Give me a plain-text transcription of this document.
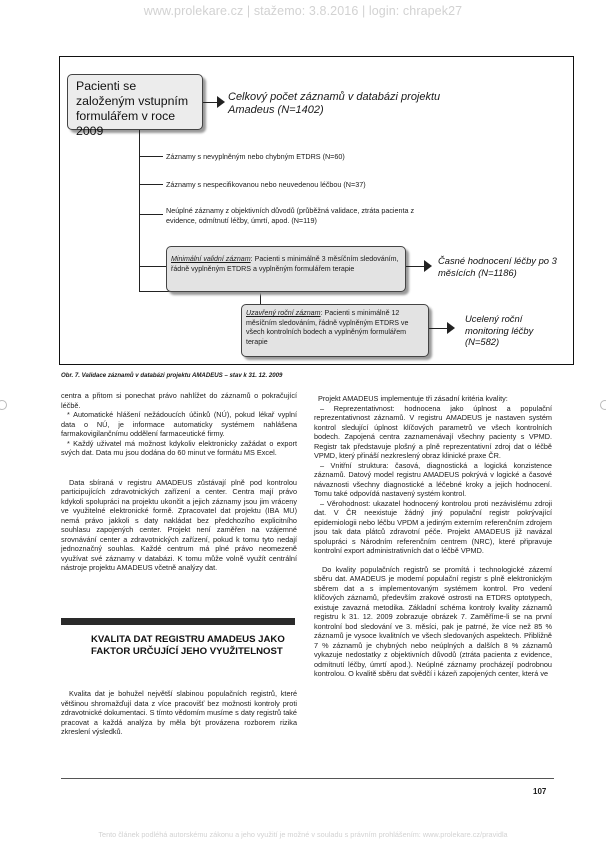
www.prolekare.cz | stažemo: 3.8.2016 | login: chrapek27
Pacienti se založeným vstupním formulářem v roce 2009
Celkový počet záznamů v databázi projektu Amadeus (N=1402)
Záznamy s nevyplněným nebo chybným ETDRS (N=60)
Záznamy s nespecifikovanou nebo neuvedenou léčbou (N=37)
Neúplné záznamy z objektivních důvodů (průběžná validace, ztráta pacienta z evidence, odmítnutí léčby, úmrtí, apod. (N=119)
Minimální validní záznam: Pacienti s minimálně 3 měsíčním sledováním, řádně vyplněným ETDRS a vyplněným formulářem terapie
Časné hodnocení léčby po 3 měsících (N=1186)
Uzavřený roční záznam: Pacienti s minimálně 12 měsíčním sledováním, řádně vyplněným ETDRS ve všech kontrolních bodech a vyplněným formulářem terapie
Ucelený roční monitoring léčby (N=582)
Obr. 7. Validace záznamů v databázi projektu AMADEUS – stav k 31. 12. 2009

centra a přitom si ponechat právo nahlížet do záznamů o pokračující léčbě.

* Automatické hlášení nežádoucích účinků (NÚ), pokud lékař vyplní data o NÚ, je informace automaticky systémem nahlášena farmakovigilančnímu oddělení farmaceutické firmy.

* Každý uživatel má možnost kdykoliv elektronicky zažádat o export svých dat. Data mu jsou dodána do 60 minut ve formátu MS Excel.

Data sbíraná v registru AMADEUS zůstávají plně pod kontrolou participujících zdravotnických zařízení a center. Centra mají právo kdykoli spolupráci na projektu ukončit a jejich záznamy jsou jim vráceny ve využitelné elektronické formě. Zpracovatel dat projektu (IBA MU) nemá právo jakkoli s daty nakládat bez předchozího explicitního souhlasu zapojených center. Projekt není zaměřen na vzájemné srovnávání center a zdravotnických zařízení, pokud k tomu tyto nedají jednoznačný souhlas. Každé centrum má plné právo neomezeně využívat své záznamy v databázi. K tomu může volně využít centrální nástroje projektu AMADEUS včetně analýzy dat.

KVALITA DAT REGISTRU AMADEUS JAKO FAKTOR URČUJÍCÍ JEHO VYUŽITELNOST
Kvalita dat je bohužel největší slabinou populačních registrů, které většinou shromažďují data z více pracovišť bez možnosti kontroly proti zdravotnické dokumentaci. S tímto vědomím musíme s daty registrů také pracovat a každá analýza by měla být provázena rozborem rizika zkreslení výsledků.

Projekt AMADEUS implementuje tři zásadní kritéria kvality:

– Reprezentativnost: hodnocena jako úplnost a populační reprezentativnost záznamů. V registru AMADEUS je nastaven systém kontrol sledující úplnost klíčových parametrů ve všech kontrolních bodech. Zapojená centra zaznamenávají všechny pacienty s VPMD. Registr tak představuje plošný a plně reprezentativní zdroj dat o léčbě VPMD, který přináší nezkreslený obraz klinické praxe ČR.

– Vnitřní struktura: časová, diagnostická a logická konzistence záznamů. Datový model registru AMADEUS pokrývá v logické a časové návaznosti všechny diagnostické a léčebné kroky a jejich hodnocení. Tomu také odpovídá nastavený systém kontrol.

– Věrohodnost: ukazatel hodnocený kontrolou proti nezávislému zdroji dat. V ČR neexistuje žádný jiný populační registr pokrývající epidemiologii nebo léčbu VPDM a jediným externím referenčním zdrojem jsou tak data plátců zdravotní péče. Projekt AMADEUS již navázal spolupráci s Národním referenčním centrem (NRC), které připravuje kontrolní export administrativních dat o léčbě VPMD.

Do kvality populačních registrů se promítá i technologické zázemí sběru dat. AMADEUS je moderní populační registr s plně elektronickým sběrem dat a s implementovaným systémem kontrol. Pro vedení klíčových záznamů, především zrakové ostrosti na ETDRS optotypech, existuje zavazná metodika. Základní schéma kontroly kvality záznamů registru k 31. 12. 2009 zobrazuje obrázek 7. Zaměříme-li se na první kontrolní bod sledování ve 3. měsíci, pak je patrné, že více než 85 % záznamů je vysoce kvalitních ve všech sledovaných aspektech. Přibližně 7 % záznamů je chybných nebo neúplných a dalších 8 % záznamů vykazuje nedostatky z objektivních důvodů (ztráta pacienta z evidence, odmítnutí léčby, úmrtí apod.). Neúplné záznamy procházejí podrobnou kontrolou. O kvalitě sběru dat svědčí i kázeň zapojených center, která ve

107
Tento článek podléhá autorskému zákonu a jeho využití je možné v souladu s právním prohlášením: www.prolekare.cz/pravidla
